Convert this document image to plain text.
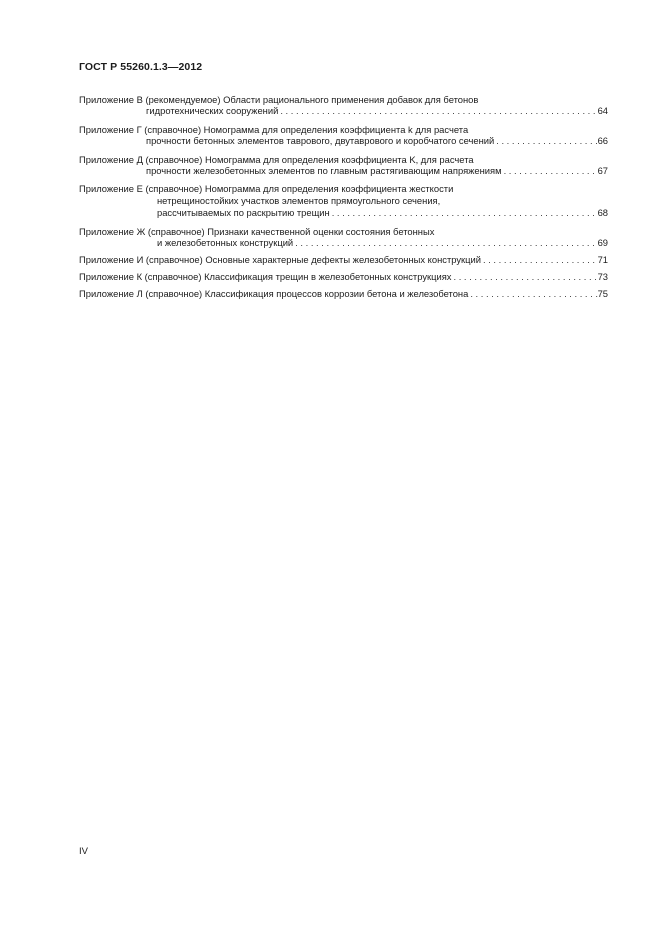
ГОСТ Р 55260.1.3—2012
Приложение В (рекомендуемое) Области рационального применения добавок для бетонов
гидротехнических сооружений . . .	64
Приложение Г (справочное) Номограмма для определения коэффициента k для расчета
прочности бетонных элементов таврового, двутаврового и коробчатого сечений . . .	66
Приложение Д (справочное) Номограмма для определения коэффициента K, для расчета
прочности железобетонных элементов по главным растягивающим напряжениям . . .	67
Приложение Е (справочное) Номограмма для определения коэффициента жесткости
нетрещиностойких участков элементов прямоугольного сечения,
рассчитываемых по раскрытию трещин . . .	68
Приложение Ж (справочное) Признаки качественной оценки состояния бетонных
и железобетонных конструкций . . .	69
Приложение И (справочное) Основные характерные дефекты железобетонных конструкций . . .	71
Приложение К (справочное) Классификация трещин в железобетонных конструкциях . . .	73
Приложение Л (справочное) Классификация процессов коррозии бетона и железобетона . . .	75
IV
